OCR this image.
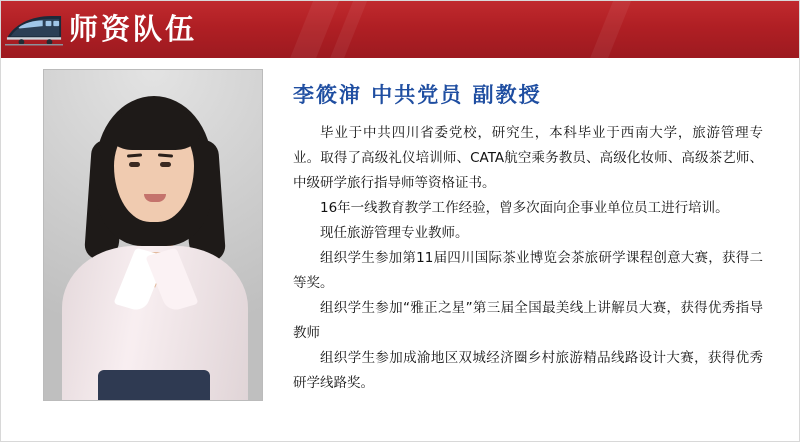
师资队伍
李筱渖 中共党员 副教授

毕业于中共四川省委党校，研究生，本科毕业于西南大学，旅游管理专业。取得了高级礼仪培训师、CATA航空乘务教员、高级化妆师、高级茶艺师、中级研学旅行指导师等资格证书。

16年一线教育教学工作经验，曾多次面向企事业单位员工进行培训。

现任旅游管理专业教师。

组织学生参加第11届四川国际茶业博览会茶旅研学课程创意大赛，获得二等奖。

组织学生参加“雅正之星”第三届全国最美线上讲解员大赛，获得优秀指导教师

组织学生参加成渝地区双城经济圈乡村旅游精品线路设计大赛，获得优秀研学线路奖。
